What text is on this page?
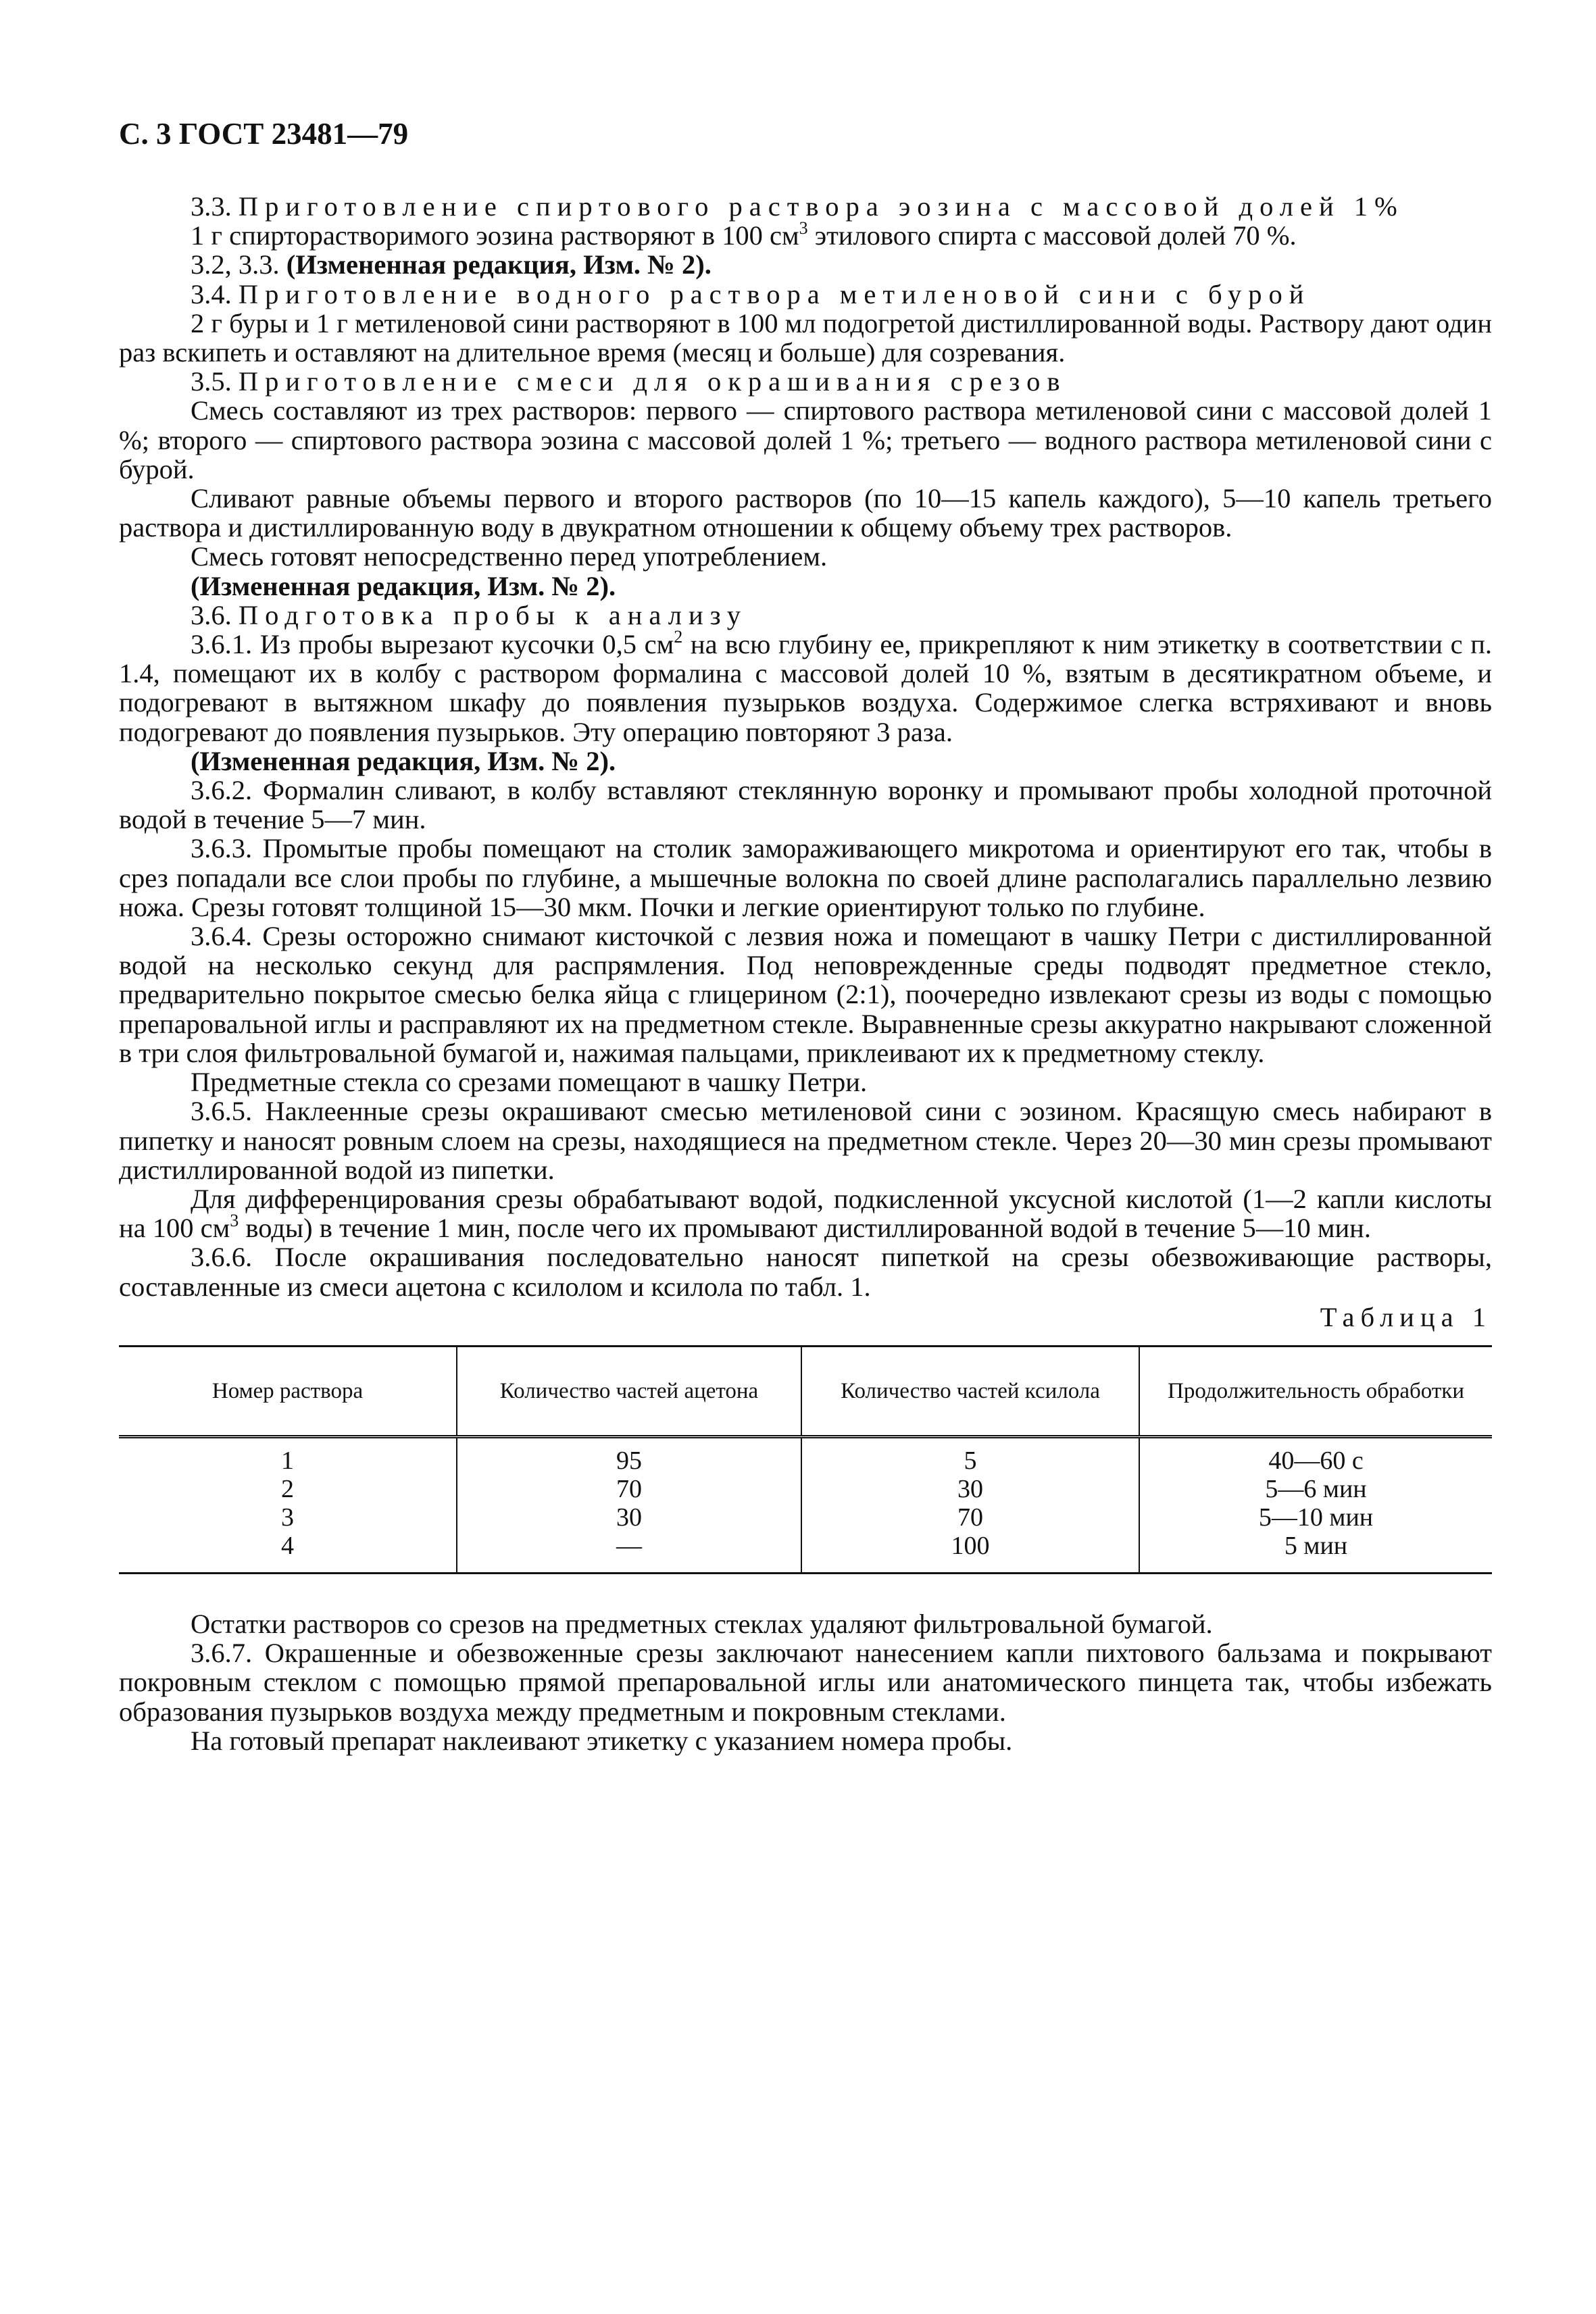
С. 3 ГОСТ 23481—79

3.3. Приготовление спиртового раствора эозина с массовой долей 1%

1 г спирторастворимого эозина растворяют в 100 $см^3$ этилового спирта с массовой долей 70 %.

3.2, 3.3. (Измененная редакция, Изм. № 2).

3.4. Приготовление водного раствора метиленовой сини с бурой

2 г буры и 1 г метиленовой сини растворяют в 100 мл подогретой дистиллированной воды. Раствору дают один раз вскипеть и оставляют на длительное время (месяц и больше) для созревания.

3.5. Приготовление смеси для окрашивания срезов

Смесь составляют из трех растворов: первого — спиртового раствора метиленовой сини с массовой долей 1 %; второго — спиртового раствора эозина с массовой долей 1 %; третьего — водного раствора метиленовой сини с бурой.

Сливают равные объемы первого и второго растворов (по 10—15 капель каждого), 5—10 капель третьего раствора и дистиллированную воду в двукратном отношении к общему объему трех растворов.

Смесь готовят непосредственно перед употреблением.

(Измененная редакция, Изм. № 2).

3.6. Подготовка пробы к анализу

3.6.1. Из пробы вырезают кусочки 0,5 $см^2$ на всю глубину ее, прикрепляют к ним этикетку в соответствии с п. 1.4, помещают их в колбу с раствором формалина с массовой долей 10 %, взятым в десятикратном объеме, и подогревают в вытяжном шкафу до появления пузырьков воздуха. Содержимое слегка встряхивают и вновь подогревают до появления пузырьков. Эту операцию повторяют 3 раза.

(Измененная редакция, Изм. № 2).

3.6.2. Формалин сливают, в колбу вставляют стеклянную воронку и промывают пробы холодной проточной водой в течение 5—7 мин.

3.6.3. Промытые пробы помещают на столик замораживающего микротома и ориентируют его так, чтобы в срез попадали все слои пробы по глубине, а мышечные волокна по своей длине располагались параллельно лезвию ножа. Срезы готовят толщиной 15—30 мкм. Почки и легкие ориентируют только по глубине.

3.6.4. Срезы осторожно снимают кисточкой с лезвия ножа и помещают в чашку Петри с дистиллированной водой на несколько секунд для распрямления. Под неповрежденные среды подводят предметное стекло, предварительно покрытое смесью белка яйца с глицерином (2:1), поочередно извлекают срезы из воды с помощью препаровальной иглы и расправляют их на предметном стекле. Выравненные срезы аккуратно накрывают сложенной в три слоя фильтровальной бумагой и, нажимая пальцами, приклеивают их к предметному стеклу.

Предметные стекла со срезами помещают в чашку Петри.

3.6.5. Наклеенные срезы окрашивают смесью метиленовой сини с эозином. Красящую смесь набирают в пипетку и наносят ровным слоем на срезы, находящиеся на предметном стекле. Через 20—30 мин срезы промывают дистиллированной водой из пипетки.

Для дифференцирования срезы обрабатывают водой, подкисленной уксусной кислотой (1—2 капли кислоты на 100 $см^3$ воды) в течение 1 мин, после чего их промывают дистиллированной водой в течение 5—10 мин.

3.6.6. После окрашивания последовательно наносят пипеткой на срезы обезвоживающие растворы, составленные из смеси ацетона с ксилолом и ксилола по табл. 1.

Таблица 1
Номер раствора	Количество частей ацетона	Количество частей ксилола	Продолжительность обработки
1	95	5	40—60 с
2	70	30	5—6 мин
3	30	70	5—10 мин
4	—	100	5 мин

Остатки растворов со срезов на предметных стеклах удаляют фильтровальной бумагой.

3.6.7. Окрашенные и обезвоженные срезы заключают нанесением капли пихтового бальзама и покрывают покровным стеклом с помощью прямой препаровальной иглы или анатомического пинцета так, чтобы избежать образования пузырьков воздуха между предметным и покровным стеклами.

На готовый препарат наклеивают этикетку с указанием номера пробы.
